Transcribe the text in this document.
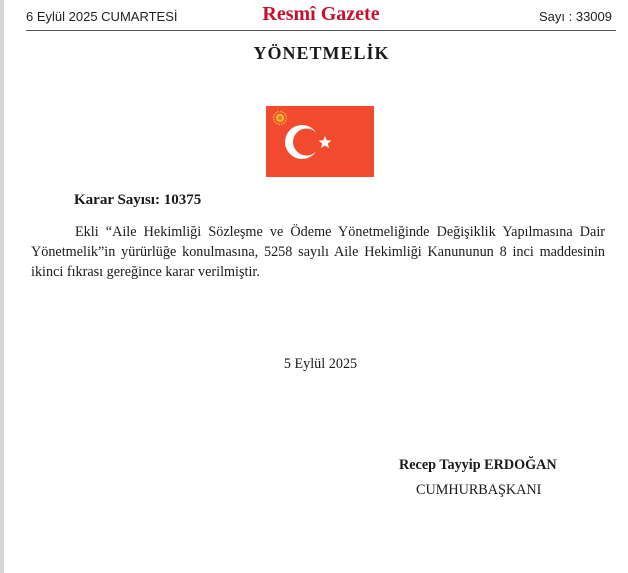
6 Eylül 2025 CUMARTESİ	Resmî Gazete	Sayı : 33009
YÖNETMELİK
Karar Sayısı: 10375
Ekli “Aile Hekimliği Sözleşme ve Ödeme Yönetmeliğinde Değişiklik Yapılmasına Dair Yönetmelik”in yürürlüğe konulmasına, 5258 sayılı Aile Hekimliği Kanununun 8 inci maddesinin ikinci fıkrası gereğince karar verilmiştir.
5 Eylül 2025
Recep Tayyip ERDOĞAN
CUMHURBAŞKANI
